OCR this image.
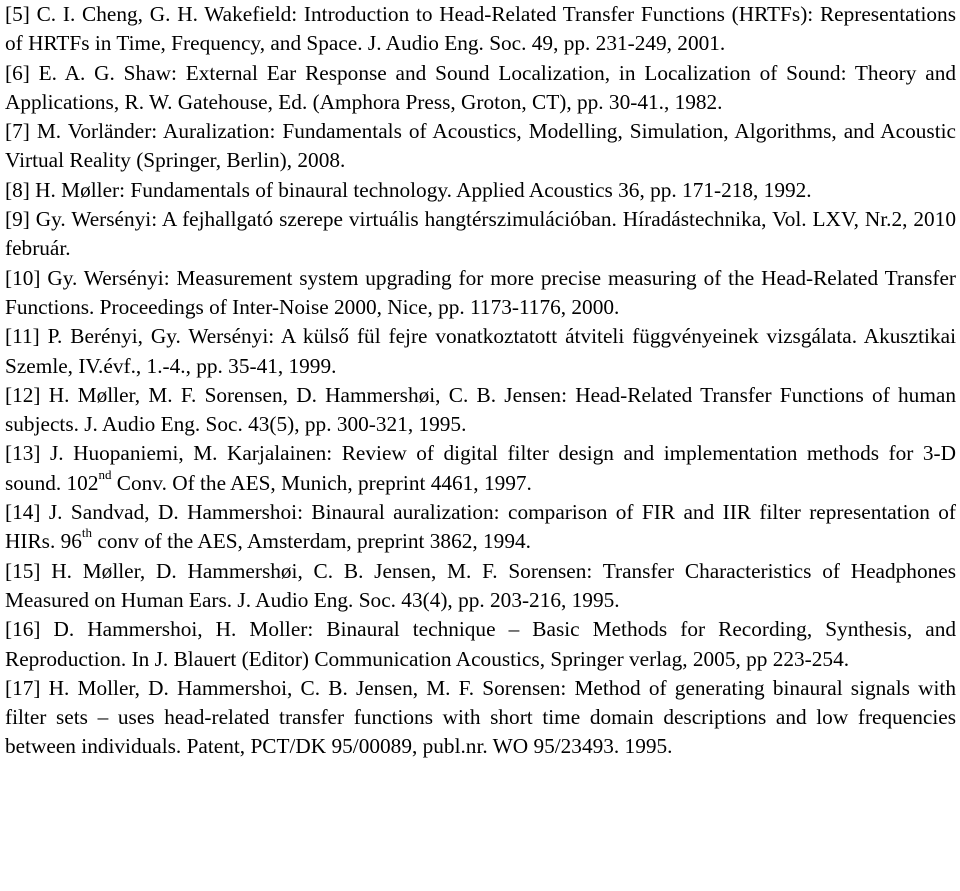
[5] C. I. Cheng, G. H. Wakefield: Introduction to Head-Related Transfer Functions (HRTFs): Representations of HRTFs in Time, Frequency, and Space. J. Audio Eng. Soc. 49, pp. 231-249, 2001.

[6] E. A. G. Shaw: External Ear Response and Sound Localization, in Localization of Sound: Theory and Applications, R. W. Gatehouse, Ed. (Amphora Press, Groton, CT), pp. 30-41., 1982.

[7] M. Vorländer: Auralization: Fundamentals of Acoustics, Modelling, Simulation, Algorithms, and Acoustic Virtual Reality (Springer, Berlin), 2008.

[8] H. Møller: Fundamentals of binaural technology. Applied Acoustics 36, pp. 171-218, 1992.

[9] Gy. Wersényi: A fejhallgató szerepe virtuális hangtérszimulációban. Híradástechnika, Vol. LXV, Nr.2, 2010 február.

[10] Gy. Wersényi: Measurement system upgrading for more precise measuring of the Head-Related Transfer Functions. Proceedings of Inter-Noise 2000, Nice, pp. 1173-1176, 2000.

[11] P. Berényi, Gy. Wersényi: A külső fül fejre vonatkoztatott átviteli függvényeinek vizsgálata. Akusztikai Szemle, IV.évf., 1.-4., pp. 35-41, 1999.

[12] H. Møller, M. F. Sorensen, D. Hammershøi, C. B. Jensen: Head-Related Transfer Functions of human subjects. J. Audio Eng. Soc. 43(5), pp. 300-321, 1995.

[13] J. Huopaniemi, M. Karjalainen: Review of digital filter design and implementation methods for 3-D sound. 102nd Conv. Of the AES, Munich, preprint 4461, 1997.

[14] J. Sandvad, D. Hammershoi: Binaural auralization: comparison of FIR and IIR filter representation of HIRs. 96th conv of the AES, Amsterdam, preprint 3862, 1994.

[15] H. Møller, D. Hammershøi, C. B. Jensen, M. F. Sorensen: Transfer Characteristics of Headphones Measured on Human Ears. J. Audio Eng. Soc. 43(4), pp. 203-216, 1995.

[16] D. Hammershoi, H. Moller: Binaural technique – Basic Methods for Recording, Synthesis, and Reproduction. In J. Blauert (Editor) Communication Acoustics, Springer verlag, 2005, pp 223-254.

[17] H. Moller, D. Hammershoi, C. B. Jensen, M. F. Sorensen: Method of generating binaural signals with filter sets – uses head-related transfer functions with short time domain descriptions and low frequencies between individuals. Patent, PCT/DK 95/00089, publ.nr. WO 95/23493. 1995.
